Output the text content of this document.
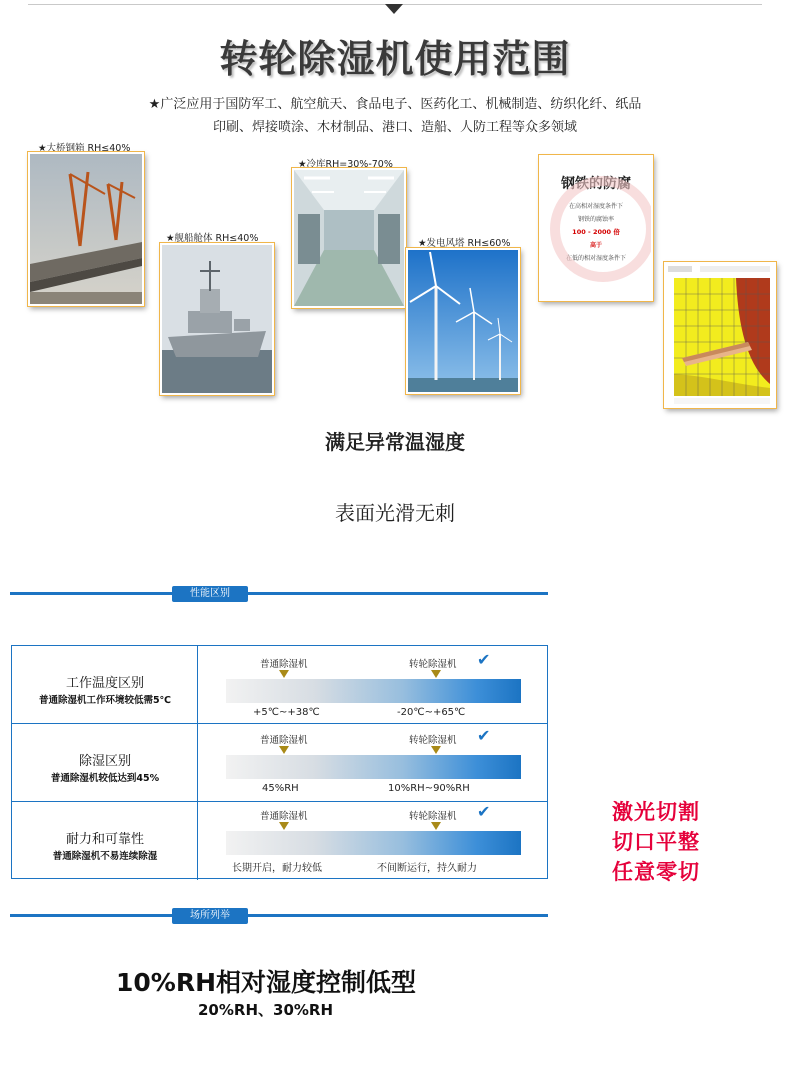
转轮除湿机使用范围
★广泛应用于国防军工、航空航天、食品电子、医药化工、机械制造、纺织化纤、纸品
印刷、焊接喷涂、木材制品、港口、造船、人防工程等众多领域
★大桥钢箱 RH≤40%
★舰船舱体 RH≤40%
★冷库RH=30%-70%
★发电风塔 RH≤60%
钢铁的防腐
在高相对湿度条件下
钢铁的腐蚀率
100 - 2000 倍
高于
在低的相对湿度条件下
满足异常温湿度
表面光滑无刺
性能区别
工作温度区别
普通除湿机工作环境较低需5℃
普通除湿机	转轮除湿机 ✔
+5℃~+38℃	-20℃~+65℃
除湿区别
普通除湿机较低达到45%
普通除湿机	转轮除湿机 ✔
45%RH	10%RH~90%RH
耐力和可靠性
普通除湿机不易连续除湿
普通除湿机	转轮除湿机 ✔
长期开启，耐力较低	不间断运行，持久耐力
激光切割
切口平整
任意零切
场所列举
10%RH相对湿度控制低型
20%RH、30%RH
